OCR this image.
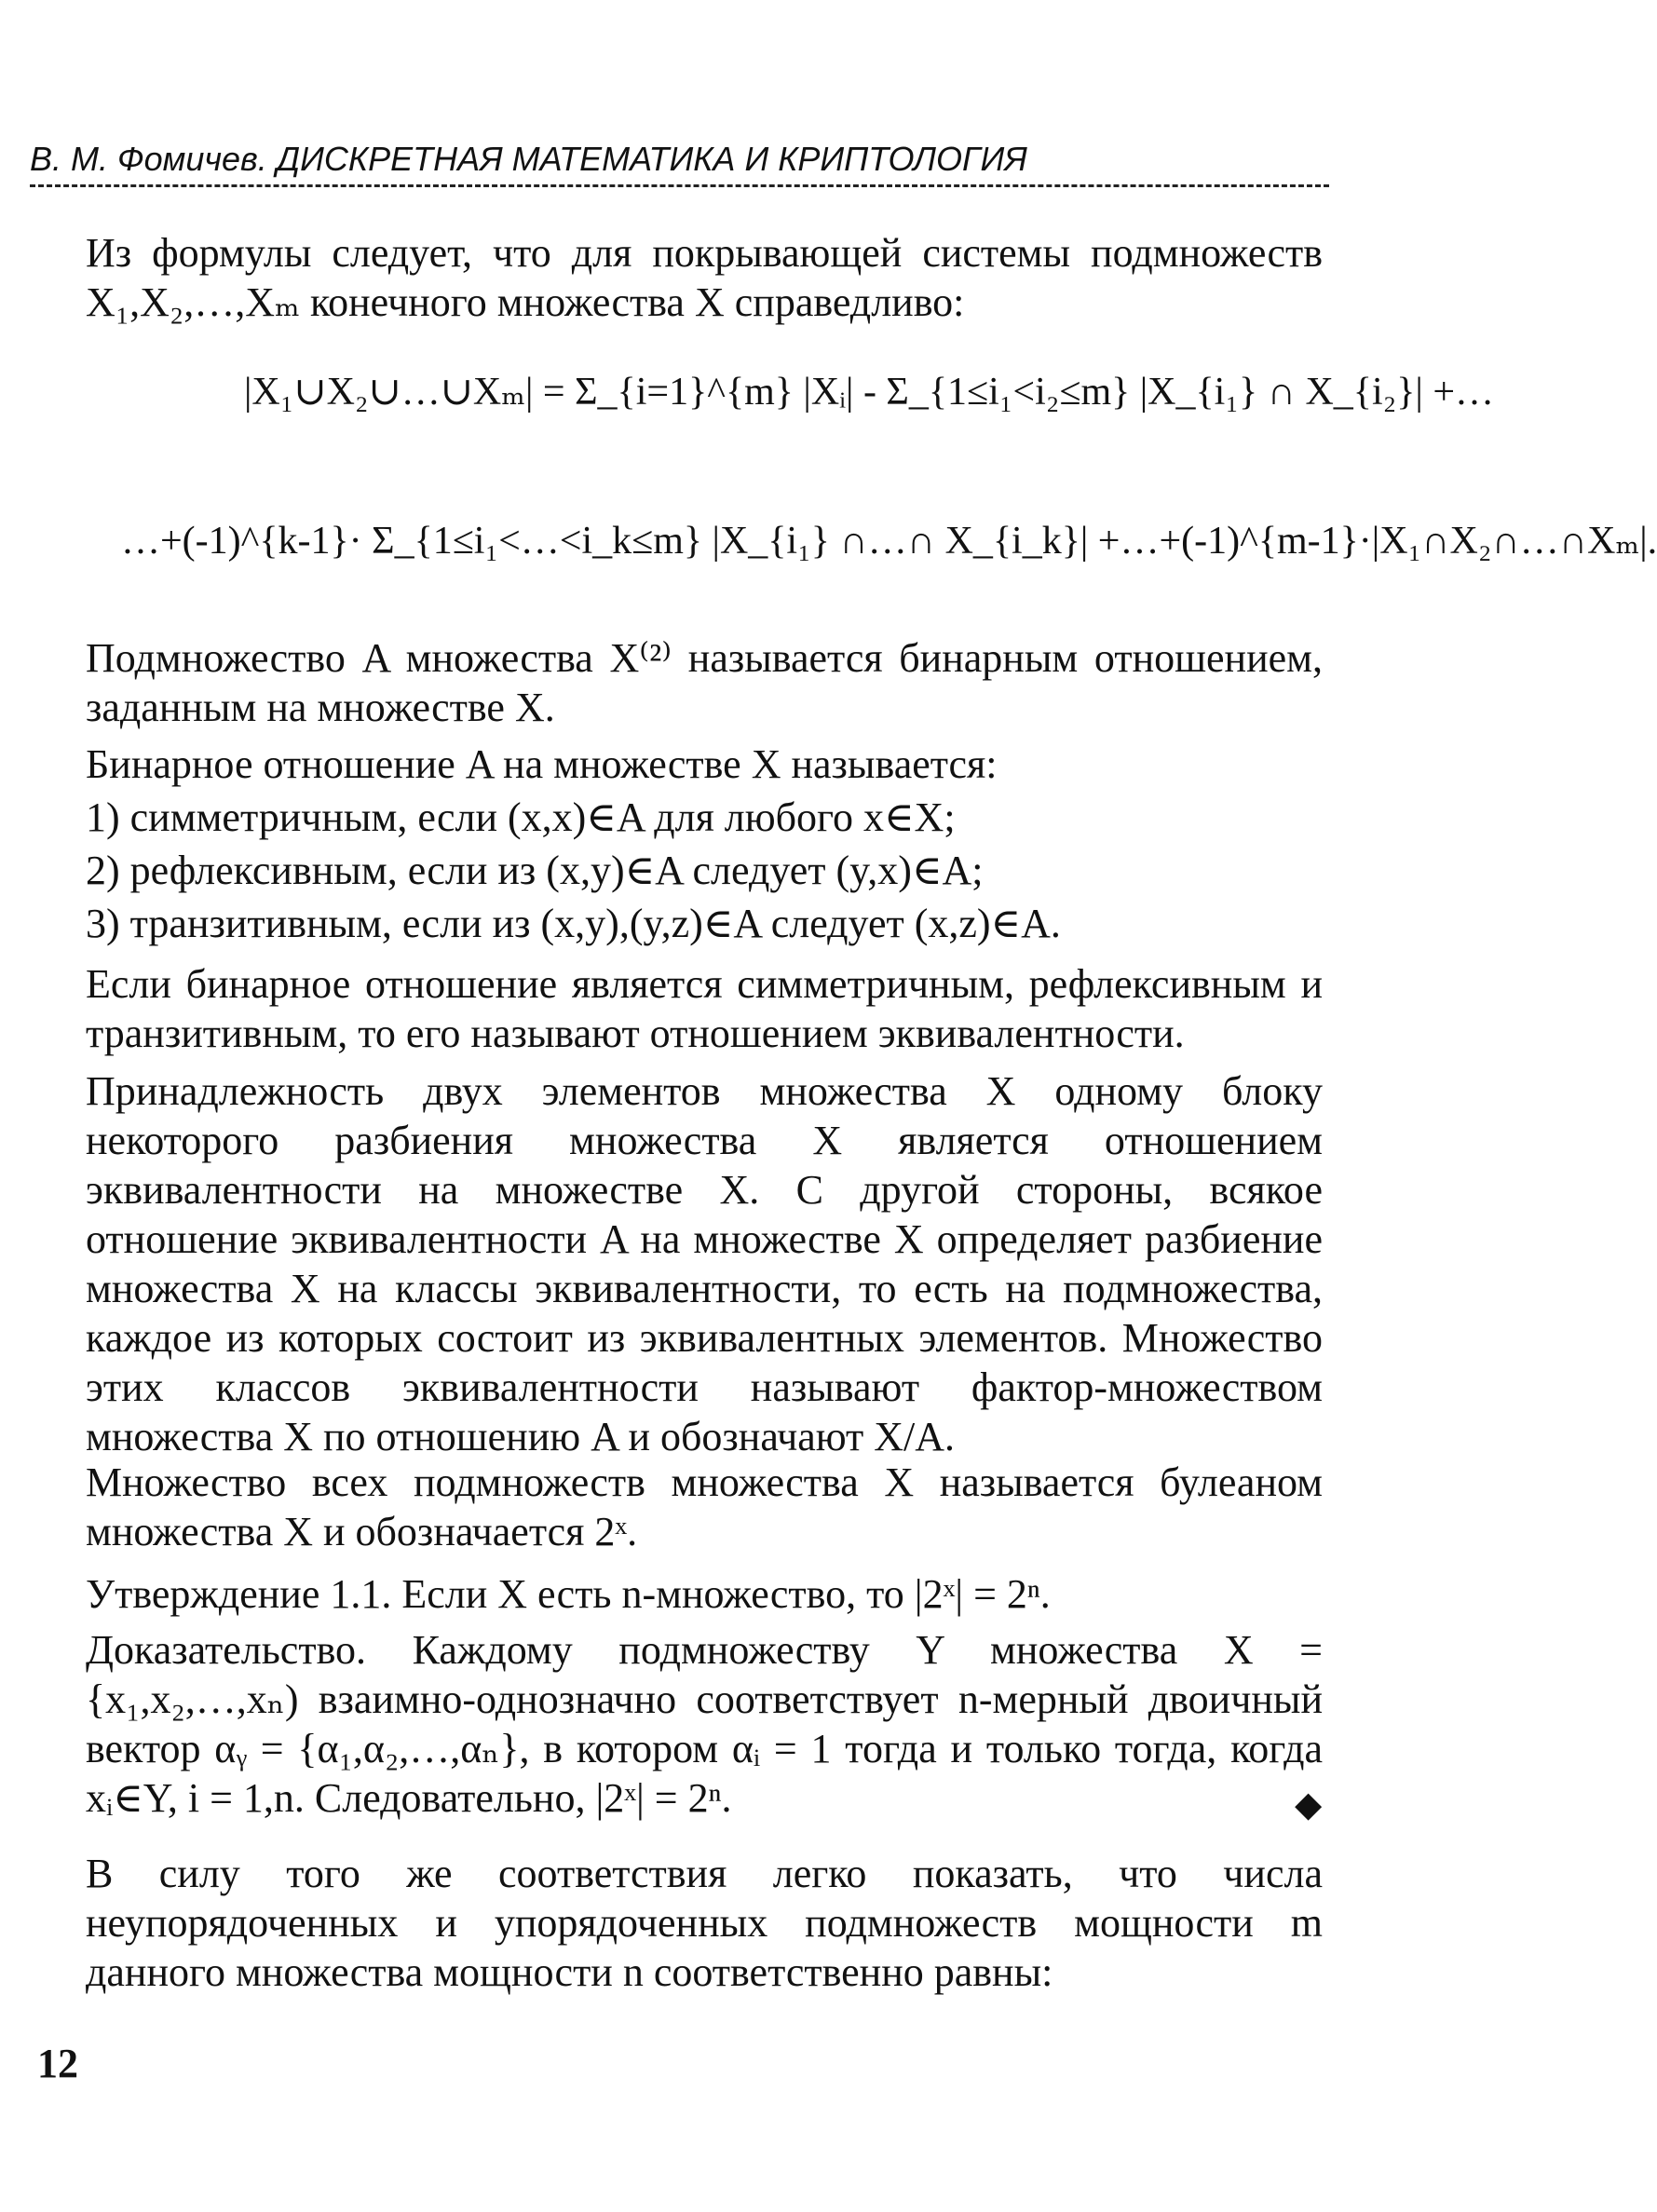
В. М. Фомичев. ДИСКРЕТНАЯ МАТЕМАТИКА И КРИПТОЛОГИЯ

Из формулы следует, что для покрывающей системы подмножеств X₁,X₂,…,Xₘ конечного множества X справедливо:

|X₁∪X₂∪…∪Xₘ| = Σ_{i=1}^{m} |Xᵢ| - Σ_{1≤i₁<i₂≤m} |X_{i₁} ∩ X_{i₂}| +…
…+(-1)^{k-1}· Σ_{1≤i₁<…<i_k≤m} |X_{i₁} ∩…∩ X_{i_k}| +…+(-1)^{m-1}·|X₁∩X₂∩…∩Xₘ|.

Подмножество A множества X⁽²⁾ называется бинарным отношением, заданным на множестве X.

Бинарное отношение A на множестве X называется:

1) симметричным, если (x,x)∈A для любого x∈X;

2) рефлексивным, если из (x,y)∈A следует (y,x)∈A;

3) транзитивным, если из (x,y),(y,z)∈A следует (x,z)∈A.

Если бинарное отношение является симметричным, рефлексивным и транзитивным, то его называют отношением эквивалентности.

Принадлежность двух элементов множества X одному блоку некоторого разбиения множества X является отношением эквивалентности на множестве X. С другой стороны, всякое отношение эквивалентности A на множестве X определяет разбиение множества X на классы эквивалентности, то есть на подмножества, каждое из которых состоит из эквивалентных элементов. Множество этих классов эквивалентности называют фактор-множеством множества X по отношению A и обозначают X/A.

Множество всех подмножеств множества X называется булеаном множества X и обозначается 2ˣ.

Утверждение 1.1. Если X есть n-множество, то |2ˣ| = 2ⁿ.

Доказательство. Каждому подмножеству Y множества X = {x₁,x₂,…,xₙ) взаимно-однозначно соответствует n-мерный двоичный вектор αᵧ = {α₁,α₂,…,αₙ}, в котором αᵢ = 1 тогда и только тогда, когда xᵢ∈Y, i = 1,n. Следовательно, |2ˣ| = 2ⁿ.	◆

В силу того же соответствия легко показать, что числа неупорядоченных и упорядоченных подмножеств мощности m данного множества мощности n соответственно равны:

12
